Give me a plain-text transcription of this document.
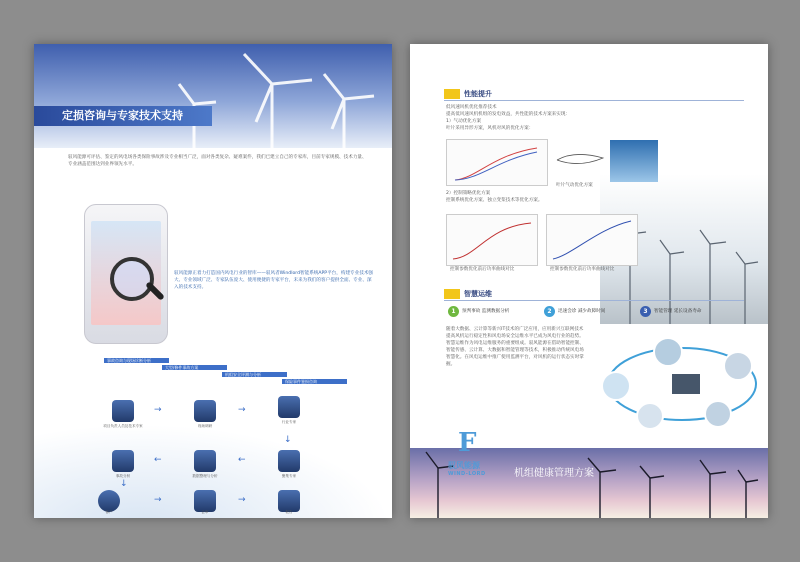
定损咨询与专家技术支持
驭风能源可评估、鉴定的风电场各类保险事故涉及专业相当广泛，面对各类复杂、疑难案件，我们已建立自己的专家库，目前专家规模、技术力量、专业涵盖范围达到业界领先水平。
驭风能源正着力打造国内风电行业的智库——驭风者Windlord智能系统APP平台，构建专业技术强大、专业领域广泛、专家队伍庞大、使用便捷的专家平台，未来为我们的客户提供全面、专业、深入的技术支持。
事故咨询与现场诊断分析
大型/修件事故方案
机组安全评测与分析
保险事件鉴损咨询
项目负责人员及技术专家	现场调研
行业专家
事故分析	数据整理与分析	聚集专家
客户	会审	报告
→	→
↓
←
←
↓
→	→
性能提升
低风速风机优化推荐技术
提高低风速风机机组的发电效益，共性能的技术方案来实现：
1）气动优化方案
叶片采用异形方案，风机对风的优化方案：
叶片气动优化方案
2）控制策略优化方案
控制系统优化方案、独立变桨技术等优化方案。
控制参数优化前后功率曲线对比	控制参数优化前后功率曲线对比
智慧运维
1	预判事故 监测数据分析	2	迅速会诊 减少故障时间	3	智能管理 延长设备寿命
随着大数据、云计算等新兴IT技术的广泛应用，应用新兴互联网技术提高风机运行稳定性和风电场安全运维水平已成为风电行业的趋势。智慧运维作为风电运维服务的重要组成。驭风能源在借助智能控制、智能传感、云计算、大数据和智能管理等技术，积极推动传统风电场智慧化。在风电运维中推广使用监测平台，对风机的运行状态实时掌握。
F
驭风能源
WIND-LORD	机组健康管理方案
